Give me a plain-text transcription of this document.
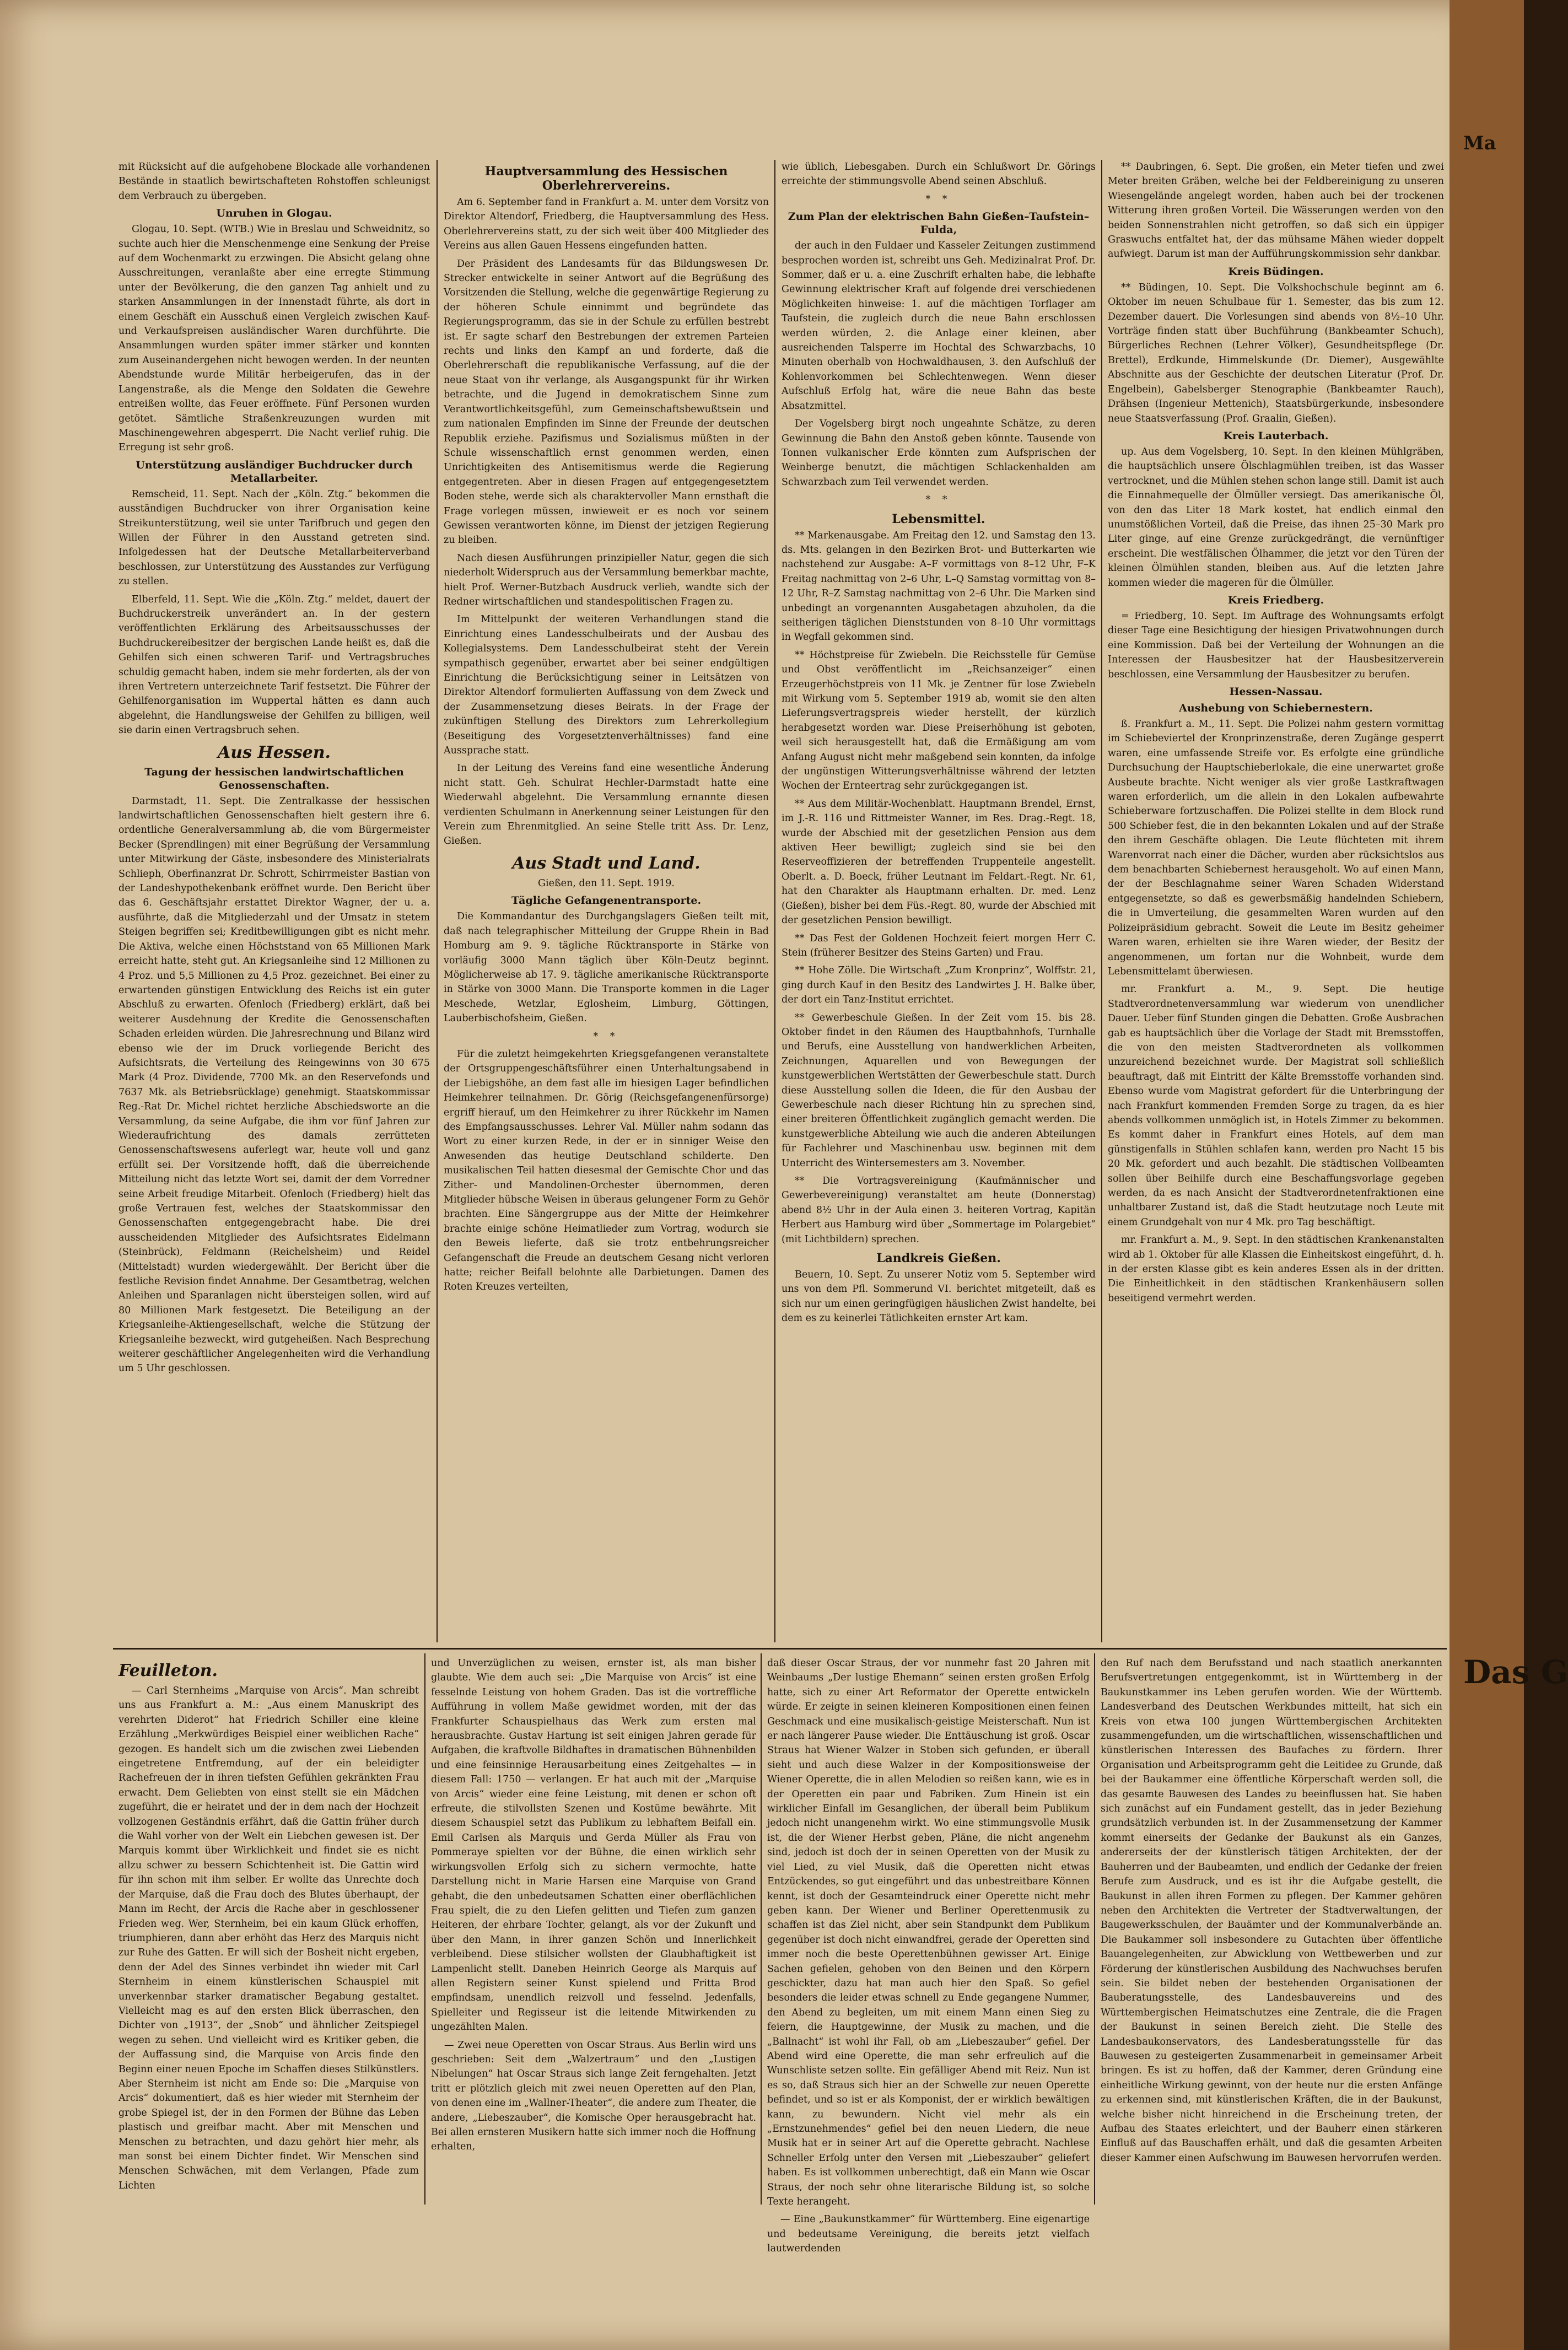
Ma
Das G

mit Rücksicht auf die aufgehobene Blockade alle vorhandenen Bestände in staatlich bewirtschafteten Rohstoffen schleunigst dem Verbrauch zu übergeben.

Unruhen in Glogau.

Glogau, 10. Sept. (WTB.) Wie in Breslau und Schweidnitz, so suchte auch hier die Menschenmenge eine Senkung der Preise auf dem Wochenmarkt zu erzwingen. Die Absicht gelang ohne Ausschreitungen, veranlaßte aber eine erregte Stimmung unter der Bevölkerung, die den ganzen Tag anhielt und zu starken Ansammlungen in der Innenstadt führte, als dort in einem Geschäft ein Ausschuß einen Vergleich zwischen Kauf- und Verkaufspreisen ausländischer Waren durchführte. Die Ansammlungen wurden später immer stärker und konnten zum Auseinandergehen nicht bewogen werden. In der neunten Abendstunde wurde Militär herbeigerufen, das in der Langenstraße, als die Menge den Soldaten die Gewehre entreißen wollte, das Feuer eröffnete. Fünf Personen wurden getötet. Sämtliche Straßenkreuzungen wurden mit Maschinengewehren abgesperrt. Die Nacht verlief ruhig. Die Erregung ist sehr groß.

Unterstützung ausländiger Buchdrucker durch Metallarbeiter.

Remscheid, 11. Sept. Nach der „Köln. Ztg.“ bekommen die ausständigen Buchdrucker von ihrer Organisation keine Streikunterstützung, weil sie unter Tarifbruch und gegen den Willen der Führer in den Ausstand getreten sind. Infolgedessen hat der Deutsche Metallarbeiterverband beschlossen, zur Unterstützung des Ausstandes zur Verfügung zu stellen.

Elberfeld, 11. Sept. Wie die „Köln. Ztg.“ meldet, dauert der Buchdruckerstreik unverändert an. In der gestern veröffentlichten Erklärung des Arbeitsausschusses der Buchdruckereibesitzer der bergischen Lande heißt es, daß die Gehilfen sich einen schweren Tarif- und Vertragsbruches schuldig gemacht haben, indem sie mehr forderten, als der von ihren Vertretern unterzeichnete Tarif festsetzt. Die Führer der Gehilfenorganisation im Wuppertal hätten es dann auch abgelehnt, die Handlungsweise der Gehilfen zu billigen, weil sie darin einen Vertragsbruch sehen.

Aus Hessen.
Tagung der hessischen landwirtschaftlichen Genossenschaften.

Darmstadt, 11. Sept. Die Zentralkasse der hessischen landwirtschaftlichen Genossenschaften hielt gestern ihre 6. ordentliche Generalversammlung ab, die vom Bürgermeister Becker (Sprendlingen) mit einer Begrüßung der Versammlung unter Mitwirkung der Gäste, insbesondere des Ministerialrats Schlieph, Oberfinanzrat Dr. Schrott, Schirrmeister Bastian von der Landeshypothekenbank eröffnet wurde. Den Bericht über das 6. Geschäftsjahr erstattet Direktor Wagner, der u. a. ausführte, daß die Mitgliederzahl und der Umsatz in stetem Steigen begriffen sei; Kreditbewilligungen gibt es nicht mehr. Die Aktiva, welche einen Höchststand von 65 Millionen Mark erreicht hatte, steht gut. An Kriegsanleihe sind 12 Millionen zu 4 Proz. und 5,5 Millionen zu 4,5 Proz. gezeichnet. Bei einer zu erwartenden günstigen Entwicklung des Reichs ist ein guter Abschluß zu erwarten. Ofenloch (Friedberg) erklärt, daß bei weiterer Ausdehnung der Kredite die Genossenschaften Schaden erleiden würden. Die Jahresrechnung und Bilanz wird ebenso wie der im Druck vorliegende Bericht des Aufsichtsrats, die Verteilung des Reingewinns von 30 675 Mark (4 Proz. Dividende, 7700 Mk. an den Reservefonds und 7637 Mk. als Betriebsrücklage) genehmigt. Staatskommissar Reg.-Rat Dr. Michel richtet herzliche Abschiedsworte an die Versammlung, da seine Aufgabe, die ihm vor fünf Jahren zur Wiederaufrichtung des damals zerrütteten Genossenschaftswesens auferlegt war, heute voll und ganz erfüllt sei. Der Vorsitzende hofft, daß die überreichende Mitteilung nicht das letzte Wort sei, damit der dem Vorredner seine Arbeit freudige Mitarbeit. Ofenloch (Friedberg) hielt das große Vertrauen fest, welches der Staatskommissar den Genossenschaften entgegengebracht habe. Die drei ausscheidenden Mitglieder des Aufsichtsrates Eidelmann (Steinbrück), Feldmann (Reichelsheim) und Reidel (Mittelstadt) wurden wiedergewählt. Der Bericht über die festliche Revision findet Annahme. Der Gesamtbetrag, welchen Anleihen und Sparanlagen nicht übersteigen sollen, wird auf 80 Millionen Mark festgesetzt. Die Beteiligung an der Kriegsanleihe-Aktiengesellschaft, welche die Stützung der Kriegsanleihe bezweckt, wird gutgeheißen. Nach Besprechung weiterer geschäftlicher Angelegenheiten wird die Verhandlung um 5 Uhr geschlossen.

Hauptversammlung des Hessischen Oberlehrervereins.

Am 6. September fand in Frankfurt a. M. unter dem Vorsitz von Direktor Altendorf, Friedberg, die Hauptversammlung des Hess. Oberlehrervereins statt, zu der sich weit über 400 Mitglieder des Vereins aus allen Gauen Hessens eingefunden hatten.

Der Präsident des Landesamts für das Bildungswesen Dr. Strecker entwickelte in seiner Antwort auf die Begrüßung des Vorsitzenden die Stellung, welche die gegenwärtige Regierung zu der höheren Schule einnimmt und begründete das Regierungsprogramm, das sie in der Schule zu erfüllen bestrebt ist. Er sagte scharf den Bestrebungen der extremen Parteien rechts und links den Kampf an und forderte, daß die Oberlehrerschaft die republikanische Verfassung, auf die der neue Staat von ihr verlange, als Ausgangspunkt für ihr Wirken betrachte, und die Jugend in demokratischem Sinne zum Verantwortlichkeitsgefühl, zum Gemeinschaftsbewußtsein und zum nationalen Empfinden im Sinne der Freunde der deutschen Republik erziehe. Pazifismus und Sozialismus müßten in der Schule wissenschaftlich ernst genommen werden, einen Unrichtigkeiten des Antisemitismus werde die Regierung entgegentreten. Aber in diesen Fragen auf entgegengesetztem Boden stehe, werde sich als charaktervoller Mann ernsthaft die Frage vorlegen müssen, inwieweit er es noch vor seinem Gewissen verantworten könne, im Dienst der jetzigen Regierung zu bleiben.

Nach diesen Ausführungen prinzipieller Natur, gegen die sich niederholt Widerspruch aus der Versammlung bemerkbar machte, hielt Prof. Werner-Butzbach Ausdruck verlieh, wandte sich der Redner wirtschaftlichen und standespolitischen Fragen zu.

Im Mittelpunkt der weiteren Verhandlungen stand die Einrichtung eines Landesschulbeirats und der Ausbau des Kollegialsystems. Dem Landesschulbeirat steht der Verein sympathisch gegenüber, erwartet aber bei seiner endgültigen Einrichtung die Berücksichtigung seiner in Leitsätzen von Direktor Altendorf formulierten Auffassung von dem Zweck und der Zusammensetzung dieses Beirats. In der Frage der zukünftigen Stellung des Direktors zum Lehrerkollegium (Beseitigung des Vorgesetztenverhältnisses) fand eine Aussprache statt.

In der Leitung des Vereins fand eine wesentliche Änderung nicht statt. Geh. Schulrat Hechler-Darmstadt hatte eine Wiederwahl abgelehnt. Die Versammlung ernannte diesen verdienten Schulmann in Anerkennung seiner Leistungen für den Verein zum Ehrenmitglied. An seine Stelle tritt Ass. Dr. Lenz, Gießen.

Aus Stadt und Land.
Gießen, den 11. Sept. 1919.
Tägliche Gefangenentransporte.

Die Kommandantur des Durchgangslagers Gießen teilt mit, daß nach telegraphischer Mitteilung der Gruppe Rhein in Bad Homburg am 9. 9. tägliche Rücktransporte in Stärke von vorläufig 3000 Mann täglich über Köln-Deutz beginnt. Möglicherweise ab 17. 9. tägliche amerikanische Rücktransporte in Stärke von 3000 Mann. Die Transporte kommen in die Lager Meschede, Wetzlar, Eglosheim, Limburg, Göttingen, Lauberbischofsheim, Gießen.

* *

Für die zuletzt heimgekehrten Kriegsgefangenen veranstaltete der Ortsgruppengeschäftsführer einen Unterhaltungsabend in der Liebigshöhe, an dem fast alle im hiesigen Lager befindlichen Heimkehrer teilnahmen. Dr. Görig (Reichsgefangenenfürsorge) ergriff hierauf, um den Heimkehrer zu ihrer Rückkehr im Namen des Empfangsausschusses. Lehrer Val. Müller nahm sodann das Wort zu einer kurzen Rede, in der er in sinniger Weise den Anwesenden das heutige Deutschland schilderte. Den musikalischen Teil hatten diesesmal der Gemischte Chor und das Zither- und Mandolinen-Orchester übernommen, deren Mitglieder hübsche Weisen in überaus gelungener Form zu Gehör brachten. Eine Sängergruppe aus der Mitte der Heimkehrer brachte einige schöne Heimatlieder zum Vortrag, wodurch sie den Beweis lieferte, daß sie trotz entbehrungsreicher Gefangenschaft die Freude an deutschem Gesang nicht verloren hatte; reicher Beifall belohnte alle Darbietungen. Damen des Roten Kreuzes verteilten,

wie üblich, Liebesgaben. Durch ein Schlußwort Dr. Görings erreichte der stimmungsvolle Abend seinen Abschluß.

* *
Zum Plan der elektrischen Bahn Gießen–Taufstein–Fulda,

der auch in den Fuldaer und Kasseler Zeitungen zustimmend besprochen worden ist, schreibt uns Geh. Medizinalrat Prof. Dr. Sommer, daß er u. a. eine Zuschrift erhalten habe, die lebhafte Gewinnung elektrischer Kraft auf folgende drei verschiedenen Möglichkeiten hinweise: 1. auf die mächtigen Torflager am Taufstein, die zugleich durch die neue Bahn erschlossen werden würden, 2. die Anlage einer kleinen, aber ausreichenden Talsperre im Hochtal des Schwarzbachs, 10 Minuten oberhalb von Hochwaldhausen, 3. den Aufschluß der Kohlenvorkommen bei Schlechtenwegen. Wenn dieser Aufschluß Erfolg hat, wäre die neue Bahn das beste Absatzmittel.

Der Vogelsberg birgt noch ungeahnte Schätze, zu deren Gewinnung die Bahn den Anstoß geben könnte. Tausende von Tonnen vulkanischer Erde könnten zum Aufsprischen der Weinberge benutzt, die mächtigen Schlackenhalden am Schwarzbach zum Teil verwendet werden.

* *
Lebensmittel.

** Markenausgabe. Am Freitag den 12. und Samstag den 13. ds. Mts. gelangen in den Bezirken Brot- und Butterkarten wie nachstehend zur Ausgabe: A–F vormittags von 8–12 Uhr, F–K Freitag nachmittag von 2–6 Uhr, L–Q Samstag vormittag von 8–12 Uhr, R–Z Samstag nachmittag von 2–6 Uhr. Die Marken sind unbedingt an vorgenannten Ausgabetagen abzuholen, da die seitherigen täglichen Dienststunden von 8–10 Uhr vormittags in Wegfall gekommen sind.

** Höchstpreise für Zwiebeln. Die Reichsstelle für Gemüse und Obst veröffentlicht im „Reichsanzeiger“ einen Erzeugerhöchstpreis von 11 Mk. je Zentner für lose Zwiebeln mit Wirkung vom 5. September 1919 ab, womit sie den alten Lieferungsvertragspreis wieder herstellt, der kürzlich herabgesetzt worden war. Diese Preiserhöhung ist geboten, weil sich herausgestellt hat, daß die Ermäßigung am vom Anfang August nicht mehr maßgebend sein konnten, da infolge der ungünstigen Witterungsverhältnisse während der letzten Wochen der Ernteertrag sehr zurückgegangen ist.

** Aus dem Militär-Wochenblatt. Hauptmann Brendel, Ernst, im J.-R. 116 und Rittmeister Wanner, im Res. Drag.-Regt. 18, wurde der Abschied mit der gesetzlichen Pension aus dem aktiven Heer bewilligt; zugleich sind sie bei den Reserveoffizieren der betreffenden Truppenteile angestellt. Oberlt. a. D. Boeck, früher Leutnant im Feldart.-Regt. Nr. 61, hat den Charakter als Hauptmann erhalten. Dr. med. Lenz (Gießen), bisher bei dem Füs.-Regt. 80, wurde der Abschied mit der gesetzlichen Pension bewilligt.

** Das Fest der Goldenen Hochzeit feiert morgen Herr C. Stein (früherer Besitzer des Steins Garten) und Frau.

** Hohe Zölle. Die Wirtschaft „Zum Kronprinz“, Wolffstr. 21, ging durch Kauf in den Besitz des Landwirtes J. H. Balke über, der dort ein Tanz-Institut errichtet.

** Gewerbeschule Gießen. In der Zeit vom 15. bis 28. Oktober findet in den Räumen des Hauptbahnhofs, Turnhalle und Berufs, eine Ausstellung von handwerklichen Arbeiten, Zeichnungen, Aquarellen und von Bewegungen der kunstgewerblichen Wertstätten der Gewerbeschule statt. Durch diese Ausstellung sollen die Ideen, die für den Ausbau der Gewerbeschule nach dieser Richtung hin zu sprechen sind, einer breiteren Öffentlichkeit zugänglich gemacht werden. Die kunstgewerbliche Abteilung wie auch die anderen Abteilungen für Fachlehrer und Maschinenbau usw. beginnen mit dem Unterricht des Wintersemesters am 3. November.

** Die Vortragsvereinigung (Kaufmännischer und Gewerbevereinigung) veranstaltet am heute (Donnerstag) abend 8½ Uhr in der Aula einen 3. heiteren Vortrag, Kapitän Herbert aus Hamburg wird über „Sommertage im Polargebiet“ (mit Lichtbildern) sprechen.

Landkreis Gießen.

Beuern, 10. Sept. Zu unserer Notiz vom 5. September wird uns von dem Pfl. Sommerund VI. berichtet mitgeteilt, daß es sich nur um einen geringfügigen häuslichen Zwist handelte, bei dem es zu keinerlei Tätlichkeiten ernster Art kam.

** Daubringen, 6. Sept. Die großen, ein Meter tiefen und zwei Meter breiten Gräben, welche bei der Feldbereinigung zu unseren Wiesengelände angelegt worden, haben auch bei der trockenen Witterung ihren großen Vorteil. Die Wässerungen werden von den beiden Sonnenstrahlen nicht getroffen, so daß sich ein üppiger Graswuchs entfaltet hat, der das mühsame Mähen wieder doppelt aufwiegt. Darum ist man der Aufführungskommission sehr dankbar.

Kreis Büdingen.

** Büdingen, 10. Sept. Die Volkshochschule beginnt am 6. Oktober im neuen Schulbaue für 1. Semester, das bis zum 12. Dezember dauert. Die Vorlesungen sind abends von 8½–10 Uhr. Vorträge finden statt über Buchführung (Bankbeamter Schuch), Bürgerliches Rechnen (Lehrer Völker), Gesundheitspflege (Dr. Brettel), Erdkunde, Himmelskunde (Dr. Diemer), Ausgewählte Abschnitte aus der Geschichte der deutschen Literatur (Prof. Dr. Engelbein), Gabelsberger Stenographie (Bankbeamter Rauch), Drähsen (Ingenieur Mettenich), Staatsbürgerkunde, insbesondere neue Staatsverfassung (Prof. Graalin, Gießen).

Kreis Lauterbach.

up. Aus dem Vogelsberg, 10. Sept. In den kleinen Mühlgräben, die hauptsächlich unsere Ölschlagmühlen treiben, ist das Wasser vertrocknet, und die Mühlen stehen schon lange still. Damit ist auch die Einnahmequelle der Ölmüller versiegt. Das amerikanische Öl, von den das Liter 18 Mark kostet, hat endlich einmal den unumstößlichen Vorteil, daß die Preise, das ihnen 25–30 Mark pro Liter ginge, auf eine Grenze zurückgedrängt, die vernünftiger erscheint. Die westfälischen Ölhammer, die jetzt vor den Türen der kleinen Ölmühlen standen, bleiben aus. Auf die letzten Jahre kommen wieder die mageren für die Ölmüller.

Kreis Friedberg.

= Friedberg, 10. Sept. Im Auftrage des Wohnungsamts erfolgt dieser Tage eine Besichtigung der hiesigen Privatwohnungen durch eine Kommission. Daß bei der Verteilung der Wohnungen an die Interessen der Hausbesitzer hat der Hausbesitzerverein beschlossen, eine Versammlung der Hausbesitzer zu berufen.

Hessen-Nassau.
Aushebung von Schiebernestern.

ß. Frankfurt a. M., 11. Sept. Die Polizei nahm gestern vormittag im Schiebeviertel der Kronprinzenstraße, deren Zugänge gesperrt waren, eine umfassende Streife vor. Es erfolgte eine gründliche Durchsuchung der Hauptschieberlokale, die eine unerwartet große Ausbeute brachte. Nicht weniger als vier große Lastkraftwagen waren erforderlich, um die allein in den Lokalen aufbewahrte Schieberware fortzuschaffen. Die Polizei stellte in dem Block rund 500 Schieber fest, die in den bekannten Lokalen und auf der Straße den ihrem Geschäfte oblagen. Die Leute flüchteten mit ihrem Warenvorrat nach einer die Dächer, wurden aber rücksichtslos aus dem benachbarten Schiebernest herausgeholt. Wo auf einen Mann, der der Beschlagnahme seiner Waren Schaden Widerstand entgegensetzte, so daß es gewerbsmäßig handelnden Schiebern, die in Umverteilung, die gesammelten Waren wurden auf den Polizeipräsidium gebracht. Soweit die Leute im Besitz geheimer Waren waren, erhielten sie ihre Waren wieder, der Besitz der angenommenen, um fortan nur die Wohnbeit, wurde dem Lebensmittelamt überwiesen.

mr. Frankfurt a. M., 9. Sept. Die heutige Stadtverordnetenversammlung war wiederum von unendlicher Dauer. Ueber fünf Stunden gingen die Debatten. Große Ausbrachen gab es hauptsächlich über die Vorlage der Stadt mit Bremsstoffen, die von den meisten Stadtverordneten als vollkommen unzureichend bezeichnet wurde. Der Magistrat soll schließlich beauftragt, daß mit Eintritt der Kälte Bremsstoffe vorhanden sind. Ebenso wurde vom Magistrat gefordert für die Unterbringung der nach Frankfurt kommenden Fremden Sorge zu tragen, da es hier abends vollkommen unmöglich ist, in Hotels Zimmer zu bekommen. Es kommt daher in Frankfurt eines Hotels, auf dem man günstigenfalls in Stühlen schlafen kann, werden pro Nacht 15 bis 20 Mk. gefordert und auch bezahlt. Die städtischen Vollbeamten sollen über Beihilfe durch eine Beschaffungsvorlage gegeben werden, da es nach Ansicht der Stadtverordnetenfraktionen eine unhaltbarer Zustand ist, daß die Stadt heutzutage noch Leute mit einem Grundgehalt von nur 4 Mk. pro Tag beschäftigt.

mr. Frankfurt a. M., 9. Sept. In den städtischen Krankenanstalten wird ab 1. Oktober für alle Klassen die Einheitskost eingeführt, d. h. in der ersten Klasse gibt es kein anderes Essen als in der dritten. Die Einheitlichkeit in den städtischen Krankenhäusern sollen beseitigend vermehrt werden.

Feuilleton.

— Carl Sternheims „Marquise von Arcis“. Man schreibt uns aus Frankfurt a. M.: „Aus einem Manuskript des verehrten Diderot“ hat Friedrich Schiller eine kleine Erzählung „Merkwürdiges Beispiel einer weiblichen Rache“ gezogen. Es handelt sich um die zwischen zwei Liebenden eingetretene Entfremdung, auf der ein beleidigter Rachefreuen der in ihren tiefsten Gefühlen gekränkten Frau erwacht. Dem Geliebten von einst stellt sie ein Mädchen zugeführt, die er heiratet und der in dem nach der Hochzeit vollzogenen Geständnis erfährt, daß die Gattin früher durch die Wahl vorher von der Welt ein Liebchen gewesen ist. Der Marquis kommt über Wirklichkeit und findet sie es nicht allzu schwer zu bessern Schichtenheit ist. Die Gattin wird für ihn schon mit ihm selber. Er wollte das Unrechte doch der Marquise, daß die Frau doch des Blutes überhaupt, der Mann im Recht, der Arcis die Rache aber in geschlossener Frieden weg. Wer, Sternheim, bei ein kaum Glück erhoffen, triumphieren, dann aber erhöht das Herz des Marquis nicht zur Ruhe des Gatten. Er will sich der Bosheit nicht ergeben, denn der Adel des Sinnes verbindet ihn wieder mit Carl Sternheim in einem künstlerischen Schauspiel mit unverkennbar starker dramatischer Begabung gestaltet. Vielleicht mag es auf den ersten Blick überraschen, den Dichter von „1913“, der „Snob“ und ähnlicher Zeitspiegel wegen zu sehen. Und vielleicht wird es Kritiker geben, die der Auffassung sind, die Marquise von Arcis finde den Beginn einer neuen Epoche im Schaffen dieses Stilkünstlers. Aber Sternheim ist nicht am Ende so: Die „Marquise von Arcis“ dokumentiert, daß es hier wieder mit Sternheim der grobe Spiegel ist, der in den Formen der Bühne das Leben plastisch und greifbar macht. Aber mit Menschen und Menschen zu betrachten, und dazu gehört hier mehr, als man sonst bei einem Dichter findet. Wir Menschen sind Menschen Schwächen, mit dem Verlangen, Pfade zum Lichten

und Unverzüglichen zu weisen, ernster ist, als man bisher glaubte. Wie dem auch sei: „Die Marquise von Arcis“ ist eine fesselnde Leistung von hohem Graden. Das ist die vortreffliche Aufführung in vollem Maße gewidmet worden, mit der das Frankfurter Schauspielhaus das Werk zum ersten mal herausbrachte. Gustav Hartung ist seit einigen Jahren gerade für Aufgaben, die kraftvolle Bildhaftes in dramatischen Bühnenbilden und eine feinsinnige Herausarbeitung eines Zeitgehaltes — in diesem Fall: 1750 — verlangen. Er hat auch mit der „Marquise von Arcis“ wieder eine feine Leistung, mit denen er schon oft erfreute, die stilvollsten Szenen und Kostüme bewährte. Mit diesem Schauspiel setzt das Publikum zu lebhaftem Beifall ein. Emil Carlsen als Marquis und Gerda Müller als Frau von Pommeraye spielten vor der Bühne, die einen wirklich sehr wirkungsvollen Erfolg sich zu sichern vermochte, hatte Darstellung nicht in Marie Harsen eine Marquise von Grand gehabt, die den unbedeutsamen Schatten einer oberflächlichen Frau spielt, die zu den Liefen gelitten und Tiefen zum ganzen Heiteren, der ehrbare Tochter, gelangt, als vor der Zukunft und über den Mann, in ihrer ganzen Schön und Innerlichkeit verbleibend. Diese stilsicher wollsten der Glaubhaftigkeit ist Lampenlicht stellt. Daneben Heinrich George als Marquis auf allen Registern seiner Kunst spielend und Fritta Brod empfindsam, unendlich reizvoll und fesselnd. Jedenfalls, Spielleiter und Regisseur ist die leitende Mitwirkenden zu ungezählten Malen.

— Zwei neue Operetten von Oscar Straus. Aus Berlin wird uns geschrieben: Seit dem „Walzertraum“ und den „Lustigen Nibelungen“ hat Oscar Straus sich lange Zeit ferngehalten. Jetzt tritt er plötzlich gleich mit zwei neuen Operetten auf den Plan, von denen eine im „Wallner-Theater“, die andere zum Theater, die andere, „Liebeszauber“, die Komische Oper herausgebracht hat. Bei allen ernsteren Musikern hatte sich immer noch die Hoffnung erhalten,

daß dieser Oscar Straus, der vor nunmehr fast 20 Jahren mit Weinbaums „Der lustige Ehemann“ seinen ersten großen Erfolg hatte, sich zu einer Art Reformator der Operette entwickeln würde. Er zeigte in seinen kleineren Kompositionen einen feinen Geschmack und eine musikalisch-geistige Meisterschaft. Nun ist er nach längerer Pause wieder. Die Enttäuschung ist groß. Oscar Straus hat Wiener Walzer in Stoben sich gefunden, er überall sieht und auch diese Walzer in der Kompositionsweise der Wiener Operette, die in allen Melodien so reißen kann, wie es in der Operetten ein paar und Fabriken. Zum Hinein ist ein wirklicher Einfall im Gesanglichen, der überall beim Publikum jedoch nicht unangenehm wirkt. Wo eine stimmungsvolle Musik ist, die der Wiener Herbst geben, Pläne, die nicht angenehm sind, jedoch ist doch der in seinen Operetten von der Musik zu viel Lied, zu viel Musik, daß die Operetten nicht etwas Entzückendes, so gut eingeführt und das unbestreitbare Können kennt, ist doch der Gesamteindruck einer Operette nicht mehr geben kann. Der Wiener und Berliner Operettenmusik zu schaffen ist das Ziel nicht, aber sein Standpunkt dem Publikum gegenüber ist doch nicht einwandfrei, gerade der Operetten sind immer noch die beste Operettenbühnen gewisser Art. Einige Sachen gefielen, gehoben von den Beinen und den Körpern geschickter, dazu hat man auch hier den Spaß. So gefiel besonders die leider etwas schnell zu Ende gegangene Nummer, den Abend zu begleiten, um mit einem Mann einen Sieg zu feiern, die Hauptgewinne, der Musik zu machen, und die „Ballnacht“ ist wohl ihr Fall, ob am „Liebeszauber“ gefiel. Der Abend wird eine Operette, die man sehr erfreulich auf die Wunschliste setzen sollte. Ein gefälliger Abend mit Reiz. Nun ist es so, daß Straus sich hier an der Schwelle zur neuen Operette befindet, und so ist er als Komponist, der er wirklich bewältigen kann, zu bewundern. Nicht viel mehr als ein „Ernstzunehmendes“ gefiel bei den neuen Liedern, die neue Musik hat er in seiner Art auf die Operette gebracht. Nachlese Schneller Erfolg unter den Versen mit „Liebeszauber“ geliefert haben. Es ist vollkommen unberechtigt, daß ein Mann wie Oscar Straus, der noch sehr ohne literarische Bildung ist, so solche Texte herangeht.

— Eine „Baukunstkammer“ für Württemberg. Eine eigenartige und bedeutsame Vereinigung, die bereits jetzt vielfach lautwerdenden

den Ruf nach dem Berufsstand und nach staatlich anerkannten Berufsvertretungen entgegenkommt, ist in Württemberg in der Baukunstkammer ins Leben gerufen worden. Wie der Württemb. Landesverband des Deutschen Werkbundes mitteilt, hat sich ein Kreis von etwa 100 jungen Württembergischen Architekten zusammengefunden, um die wirtschaftlichen, wissenschaftlichen und künstlerischen Interessen des Baufaches zu fördern. Ihrer Organisation und Arbeitsprogramm geht die Leitidee zu Grunde, daß bei der Baukammer eine öffentliche Körperschaft werden soll, die das gesamte Bauwesen des Landes zu beeinflussen hat. Sie haben sich zunächst auf ein Fundament gestellt, das in jeder Beziehung grundsätzlich verbunden ist. In der Zusammensetzung der Kammer kommt einerseits der Gedanke der Baukunst als ein Ganzes, andererseits der der künstlerisch tätigen Architekten, der der Bauherren und der Baubeamten, und endlich der Gedanke der freien Berufe zum Ausdruck, und es ist ihr die Aufgabe gestellt, die Baukunst in allen ihren Formen zu pflegen. Der Kammer gehören neben den Architekten die Vertreter der Stadtverwaltungen, der Baugewerksschulen, der Bauämter und der Kommunalverbände an. Die Baukammer soll insbesondere zu Gutachten über öffentliche Bauangelegenheiten, zur Abwicklung von Wettbewerben und zur Förderung der künstlerischen Ausbildung des Nachwuchses berufen sein. Sie bildet neben der bestehenden Organisationen der Bauberatungsstelle, des Landesbauvereins und des Württembergischen Heimatschutzes eine Zentrale, die die Fragen der Baukunst in seinen Bereich zieht. Die Stelle des Landesbaukonservators, des Landesberatungsstelle für das Bauwesen zu gesteigerten Zusammenarbeit in gemeinsamer Arbeit bringen. Es ist zu hoffen, daß der Kammer, deren Gründung eine einheitliche Wirkung gewinnt, von der heute nur die ersten Anfänge zu erkennen sind, mit künstlerischen Kräften, die in der Baukunst, welche bisher nicht hinreichend in die Erscheinung treten, der Aufbau des Staates erleichtert, und der Bauherr einen stärkeren Einfluß auf das Bauschaffen erhält, und daß die gesamten Arbeiten dieser Kammer einen Aufschwung im Bauwesen hervorrufen werden.
